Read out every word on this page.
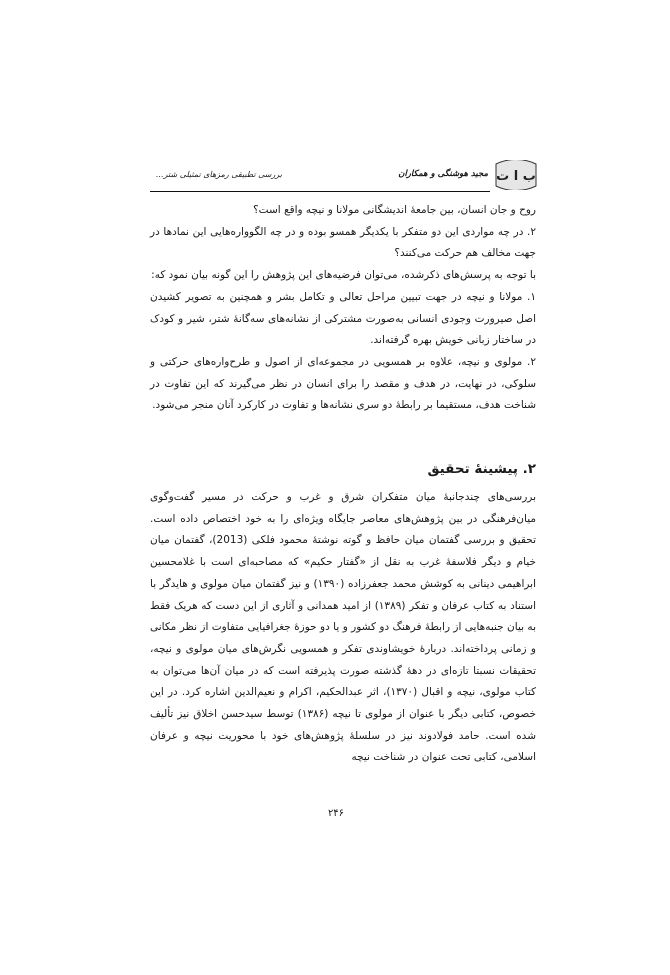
ب ا ت
مجید هوشنگی و همکاران
بررسی تطبیقی رمزهای تمثیلی شتر...

روح و جان انسان، بین جامعهٔ اندیشگانی مولانا و نیچه واقع است؟

۲. در چه مواردی این دو متفکر با یکدیگر همسو بوده و در چه الگوواره‌هایی این نمادها در جهت مخالف هم حرکت می‌کنند؟

با توجه به پرسش‌های ذکرشده، می‌توان فرضیه‌های این پژوهش را این گونه بیان نمود که:

۱. مولانا و نیچه در جهت تبیین مراحل تعالی و تکامل بشر و همچنین به تصویر کشیدن اصل صیرورت وجودی انسانی به‌صورت مشترکی از نشانه‌های سه‌گانهٔ شتر، شیر و کودک در ساختار زبانی خویش بهره گرفته‌اند.

۲. مولوی و نیچه، علاوه بر همسویی در مجموعه‌ای از اصول و طرح‌واره‌های حرکتی و سلوکی، در نهایت، در هدف و مقصد را برای انسان در نظر می‌گیرند که این تفاوت در شناخت هدف، مستقیما بر رابطهٔ دو سری نشانه‌ها و تفاوت در کارکرد آنان منجر می‌شود.

۲. پیشینهٔ تحقیق

بررسی‌های چندجانبهٔ میان متفکران شرق و غرب و حرکت در مسیر گفت‌وگوی میان‌فرهنگی در بین پژوهش‌های معاصر جایگاه ویژه‌ای را به خود اختصاص داده است. تحقیق و بررسی گفتمان میان حافظ و گوته نوشتهٔ محمود فلکی (2013)، گفتمان میان خیام و دیگر فلاسفهٔ غرب به نقل از «گفتار حکیم» که مصاحبه‌ای است با غلامحسین ابراهیمی دینانی به کوشش محمد جعفرزاده (۱۳۹۰) و نیز گفتمان میان مولوی و هایدگر با استناد به کتاب عرفان و تفکر (۱۳۸۹) از امید همدانی و آثاری از این دست که هریک فقط به بیان جنبه‌هایی از رابطهٔ فرهنگ دو کشور و یا دو حوزهٔ جغرافیایی متفاوت از نظر مکانی و زمانی پرداخته‌اند. دربارهٔ خویشاوندی تفکر و همسویی نگرش‌های میان مولوی و نیچه، تحقیقات نسبتا تازه‌ای در دههٔ گذشته صورت پذیرفته است که در میان آن‌ها می‌توان به کتاب مولوی، نیچه و اقبال (۱۳۷۰)، اثر عبدالحکیم، اکرام و نعیم‌الدین اشاره کرد. در این خصوص، کتابی دیگر با عنوان از مولوی تا نیچه (۱۳۸۶) توسط سیدحسن اخلاق نیز تألیف شده است. حامد فولادوند نیز در سلسلهٔ پژوهش‌های خود با محوریت نیچه و عرفان اسلامی، کتابی تحت عنوان در شناخت نیچه

۲۴۶
